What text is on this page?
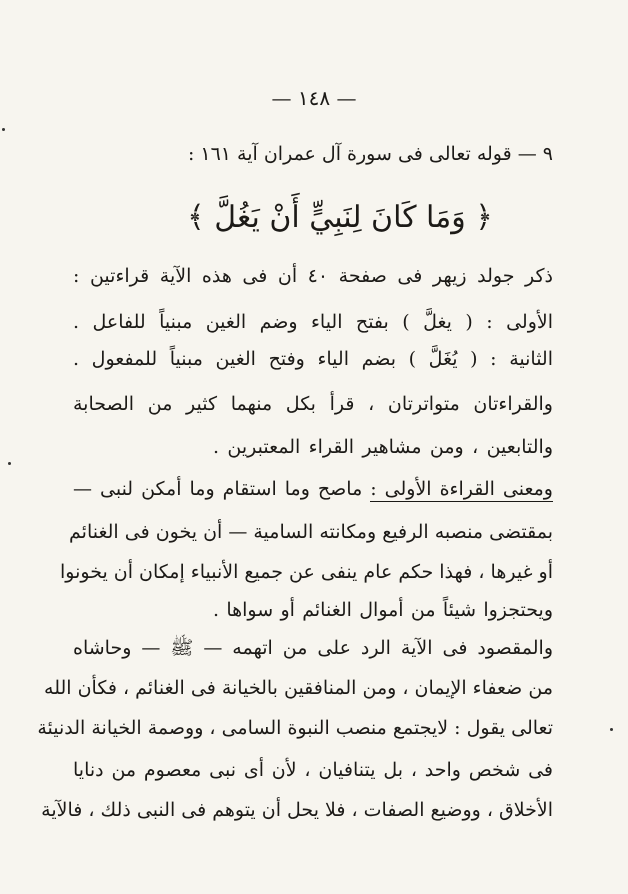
— ١٤٨ —
٩ — قوله تعالى فى سورة آل عمران آية ١٦١ :
﴿ وَمَا كَانَ لِنَبِيٍّ أَنْ يَغُلَّ ﴾
ذكر جولد زيهر فى صفحة ٤٠ أن فى هذه الآية قراءتين :
الأولى : ( يغلَّ ) بفتح الياء وضم الغين مبنياً للفاعل .
الثانية : ( يُغَلَّ ) بضم الياء وفتح الغين مبنياً للمفعول .
والقراءتان متواترتان ، قرأ بكل منهما كثير من الصحابة
والتابعين ، ومن مشاهير القراء المعتبرين .
ومعنى القراءة الأولى : ماصح وما استقام وما أمكن لنبى —
بمقتضى منصبه الرفيع ومكانته السامية — أن يخون فى الغنائم
أو غيرها ، فهذا حكم عام ينفى عن جميع الأنبياء إمكان أن يخونوا
ويحتجزوا شيئاً من أموال الغنائم أو سواها .
والمقصود فى الآية الرد على من اتهمه — ﷺ — وحاشاه
من ضعفاء الإيمان ، ومن المنافقين بالخيانة فى الغنائم ، فكأن الله
تعالى يقول : لايجتمع منصب النبوة السامى ، ووصمة الخيانة الدنيئة
فى شخص واحد ، بل يتنافيان ، لأن أى نبى معصوم من دنايا
الأخلاق ، ووضيع الصفات ، فلا يحل أن يتوهم فى النبى ذلك ، فالآية
